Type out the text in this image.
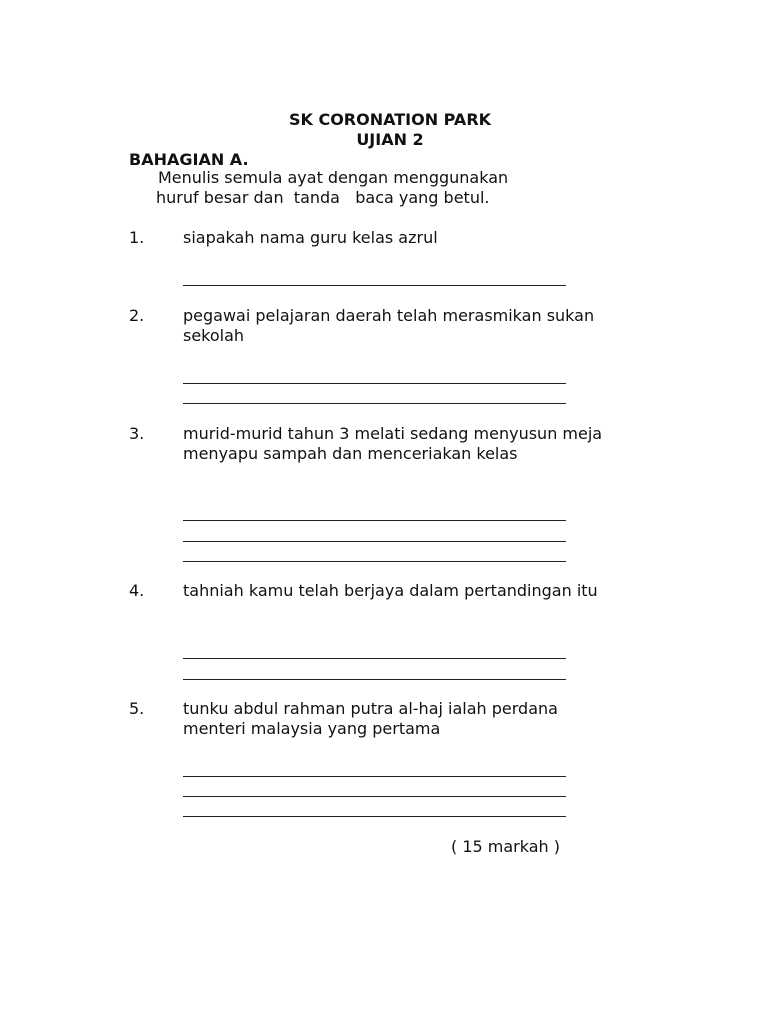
SK CORONATION PARK
UJIAN 2
BAHAGIAN A.
Menulis semula ayat dengan menggunakan
huruf besar dan  tanda   baca yang betul.
1. siapakah nama guru kelas azrul
2. pegawai pelajaran daerah telah merasmikan sukan sekolah
3. murid-murid tahun 3 melati sedang menyusun meja menyapu sampah dan menceriakan kelas
4. tahniah kamu telah berjaya dalam pertandingan itu
5. tunku abdul rahman putra al-haj ialah perdana menteri malaysia yang pertama
( 15 markah )
